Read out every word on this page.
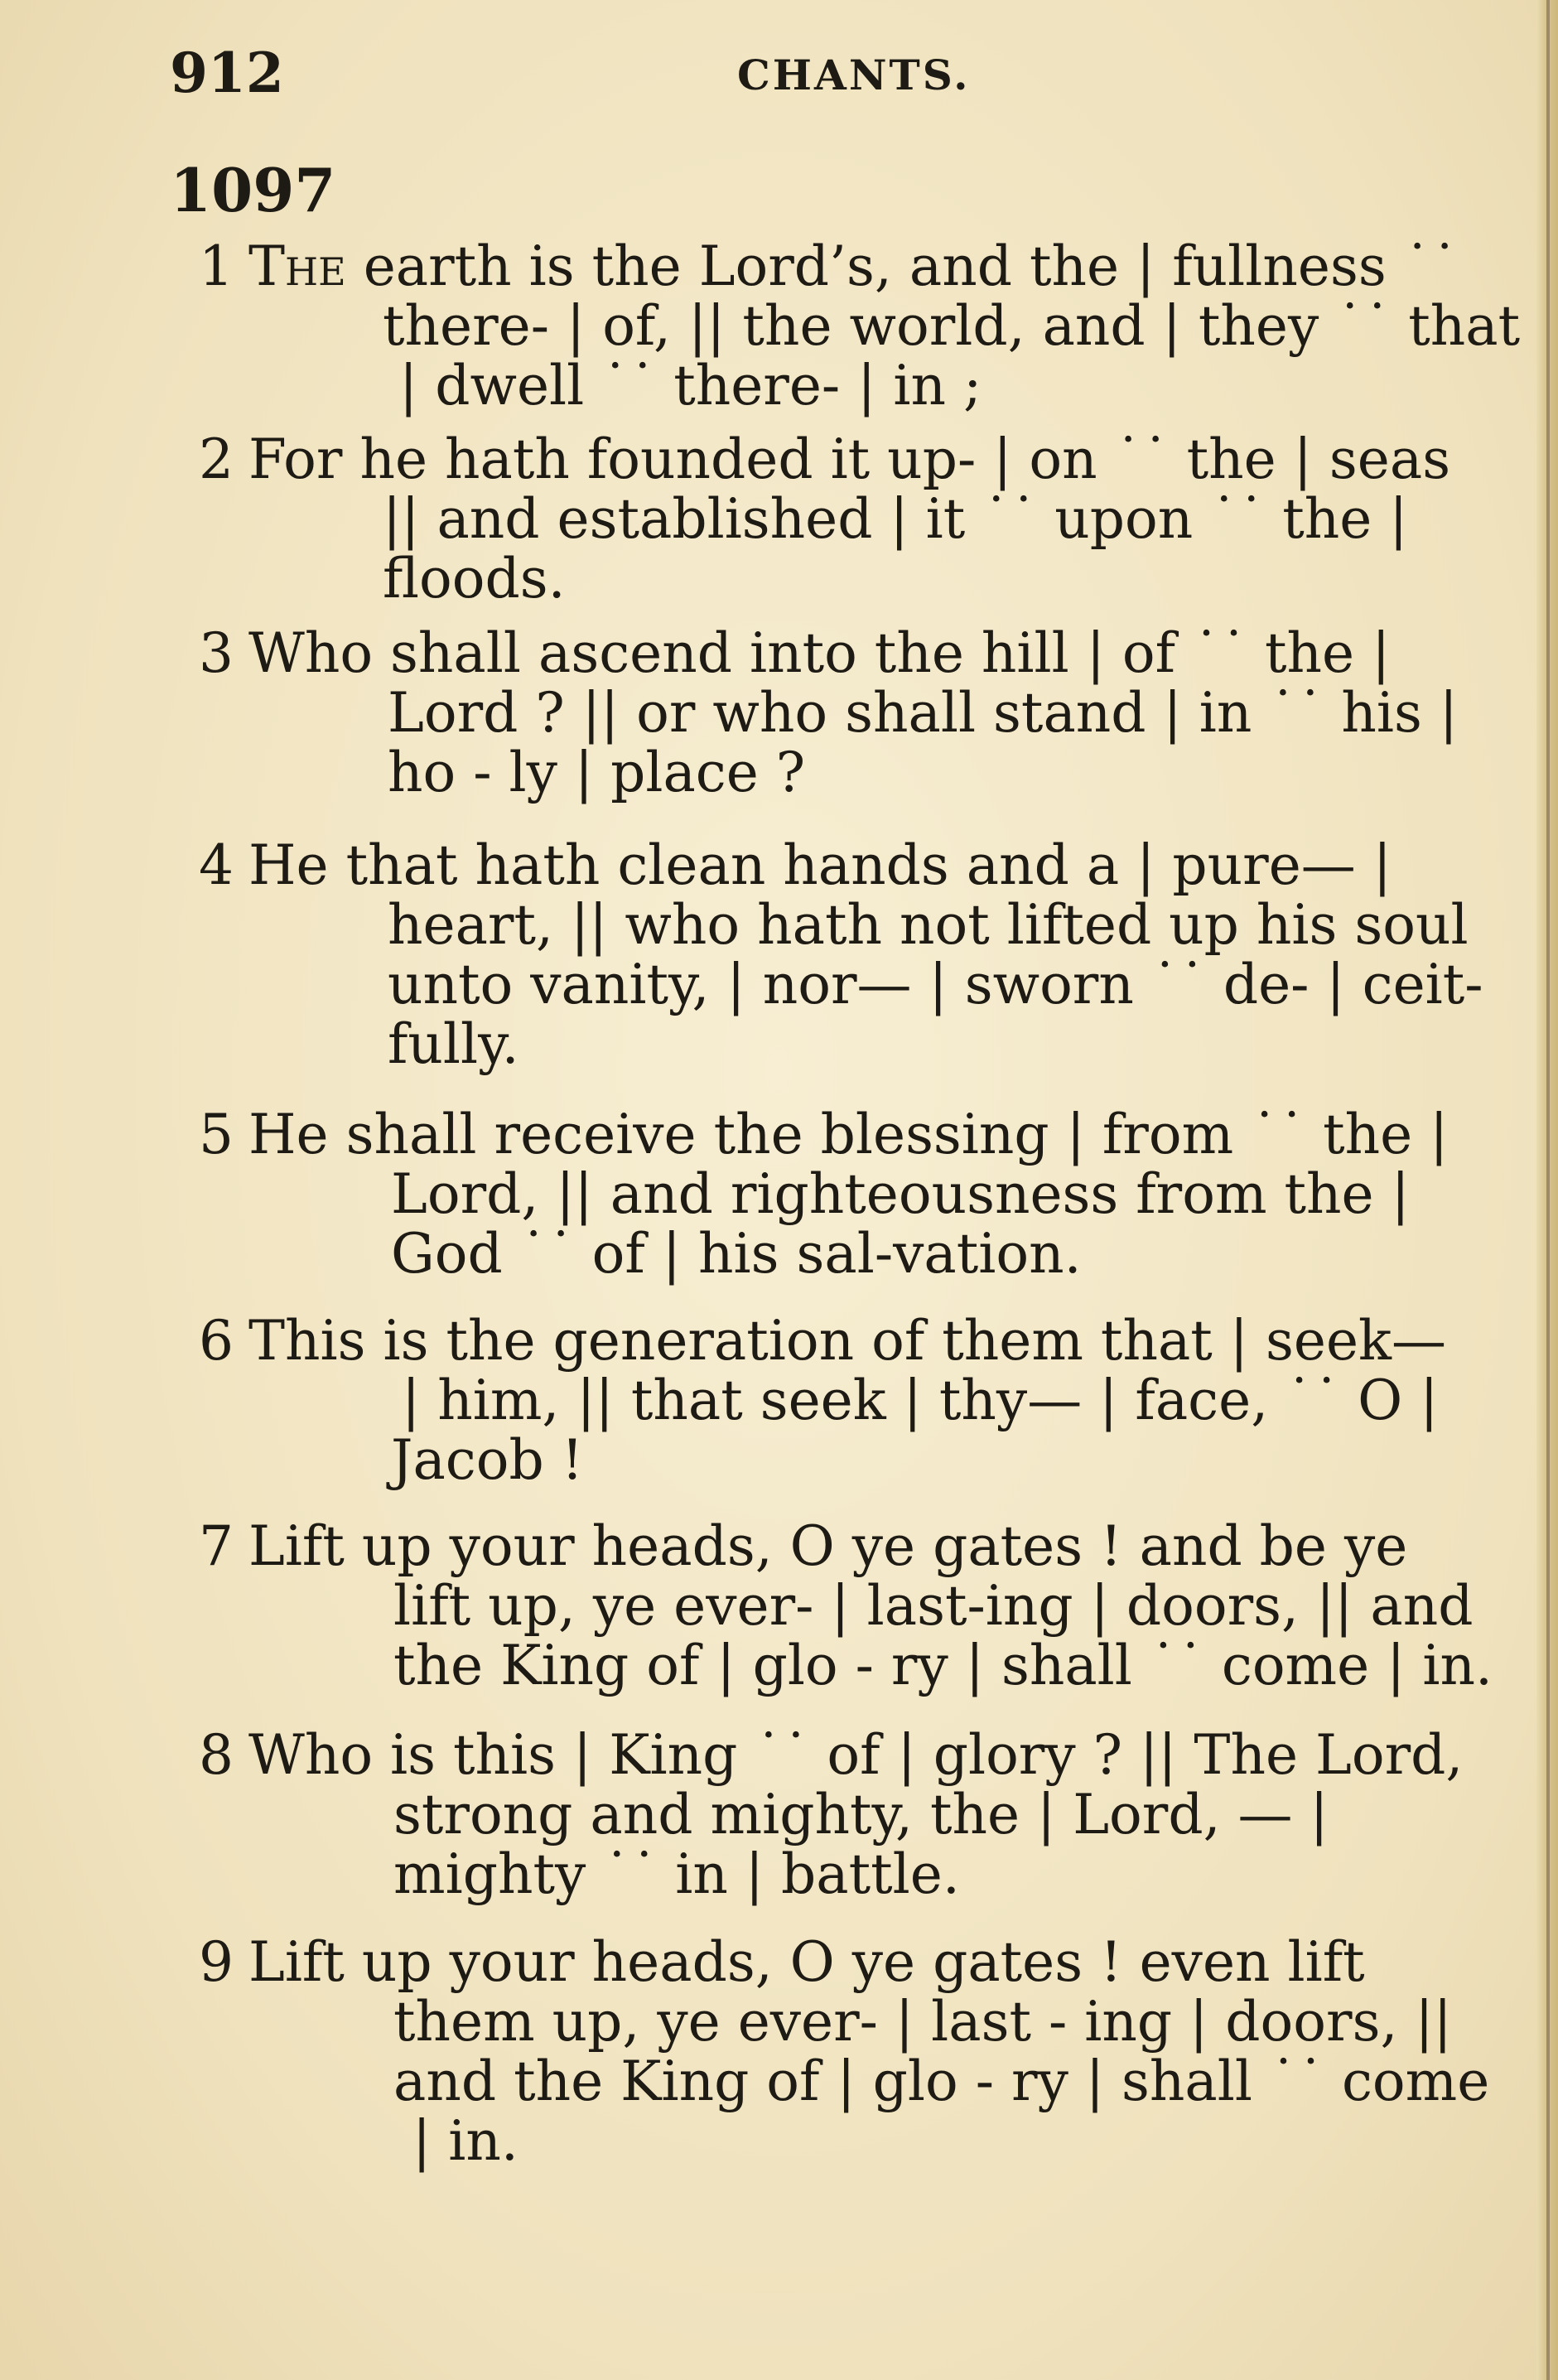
912	CHANTS.
1097
1 The earth is the Lord’s, and the | fullness ˙˙
there- | of, || the world, and | they ˙˙ that
| dwell ˙˙ there- | in ;
2 For he hath founded it up- | on ˙˙ the | seas
|| and established | it ˙˙ upon ˙˙ the |
floods.
3 Who shall ascend into the hill | of ˙˙ the |
Lord ? || or who shall stand | in ˙˙ his |
ho - ly | place ?
4 He that hath clean hands and a | pure— |
heart, || who hath not lifted up his soul
unto vanity, | nor— | sworn ˙˙ de- | ceit-
fully.
5 He shall receive the blessing | from ˙˙ the |
Lord, || and righteousness from the |
God ˙˙ of | his sal-vation.
6 This is the generation of them that | seek—
| him, || that seek | thy— | face, ˙˙ O |
Jacob !
7 Lift up your heads, O ye gates ! and be ye
lift up, ye ever- | last-ing | doors, || and
the King of | glo - ry | shall ˙˙ come | in.
8 Who is this | King ˙˙ of | glory ? || The Lord,
strong and mighty, the | Lord, — |
mighty ˙˙ in | battle.
9 Lift up your heads, O ye gates ! even lift
them up, ye ever- | last - ing | doors, ||
and the King of | glo - ry | shall ˙˙ come
| in.
